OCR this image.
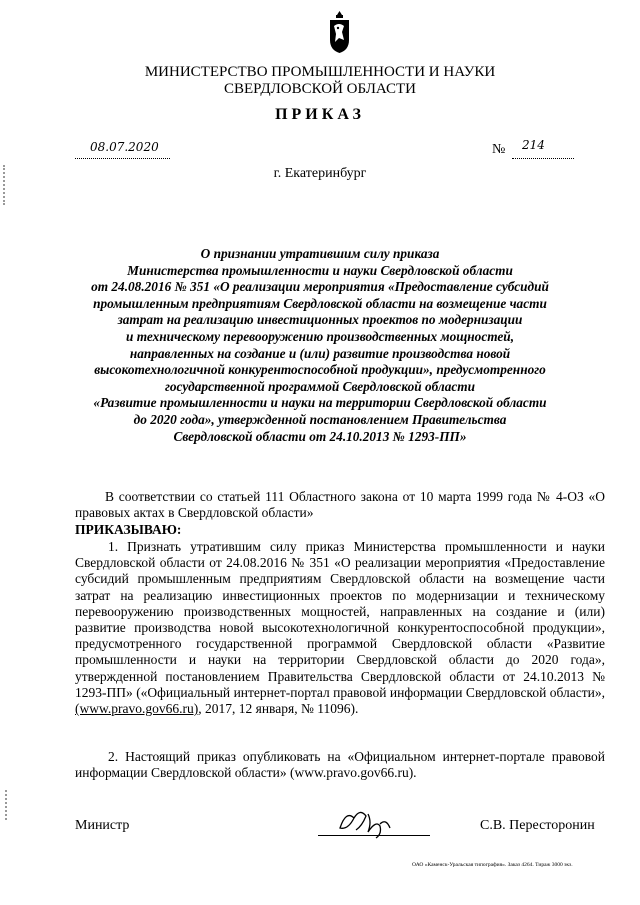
МИНИСТЕРСТВО ПРОМЫШЛЕННОСТИ И НАУКИ
СВЕРДЛОВСКОЙ ОБЛАСТИ
ПРИКАЗ
08.07.2020	№ 214
г. Екатеринбург
О признании утратившим силу приказа
Министерства промышленности и науки Свердловской области
от 24.08.2016 № 351 «О реализации мероприятия «Предоставление субсидий
промышленным предприятиям Свердловской области на возмещение части
затрат на реализацию инвестиционных проектов по модернизации
и техническому перевооружению производственных мощностей,
направленных на создание и (или) развитие производства новой
высокотехнологичной конкурентоспособной продукции», предусмотренного
государственной программой Свердловской области
«Развитие промышленности и науки на территории Свердловской области
до 2020 года», утвержденной постановлением Правительства
Свердловской области от 24.10.2013 № 1293-ПП»
В соответствии со статьей 111 Областного закона от 10 марта 1999 года № 4-ОЗ «О правовых актах в Свердловской области»
ПРИКАЗЫВАЮ:
1. Признать утратившим силу приказ Министерства промышленности и науки Свердловской области от 24.08.2016 № 351 «О реализации мероприятия «Предоставление субсидий промышленным предприятиям Свердловской области на возмещение части затрат на реализацию инвестиционных проектов по модернизации и техническому перевооружению производственных мощностей, направленных на создание и (или) развитие производства новой высокотехнологичной конкурентоспособной продукции», предусмотренного государственной программой Свердловской области «Развитие промышленности и науки на территории Свердловской области до 2020 года», утвержденной постановлением Правительства Свердловской области от 24.10.2013 № 1293-ПП» («Официальный интернет-портал правовой информации Свердловской области», (www.pravo.gov66.ru), 2017, 12 января, № 11096).
2. Настоящий приказ опубликовать на «Официальном интернет-портале правовой информации Свердловской области» (www.pravo.gov66.ru).
Министр	С.В. Пересторонин
ОАО «Каменск-Уральская типография». Заказ 4264. Тираж 3000 экз.
